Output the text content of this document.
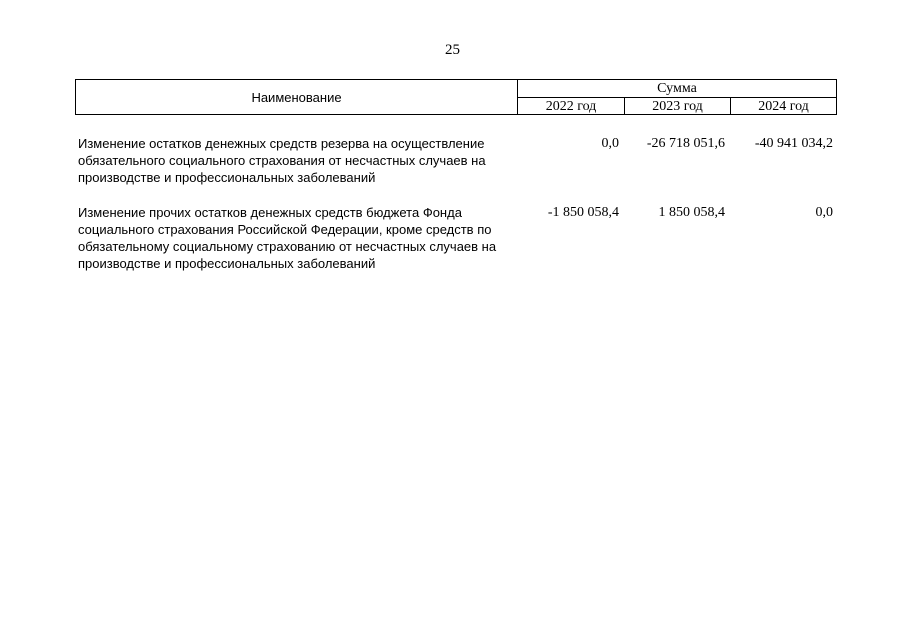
25
Наименование
Сумма
2022 год	2023 год	2024 год
Изменение остатков денежных средств резерва на осуществление обязательного социального страхования от несчастных случаев на производстве и профессиональных заболеваний
0,0	-26 718 051,6	-40 941 034,2
Изменение прочих остатков денежных средств бюджета Фонда социального страхования Российской Федерации, кроме средств по обязательному социальному страхованию от несчастных случаев на производстве и профессиональных заболеваний
-1 850 058,4	1 850 058,4	0,0
